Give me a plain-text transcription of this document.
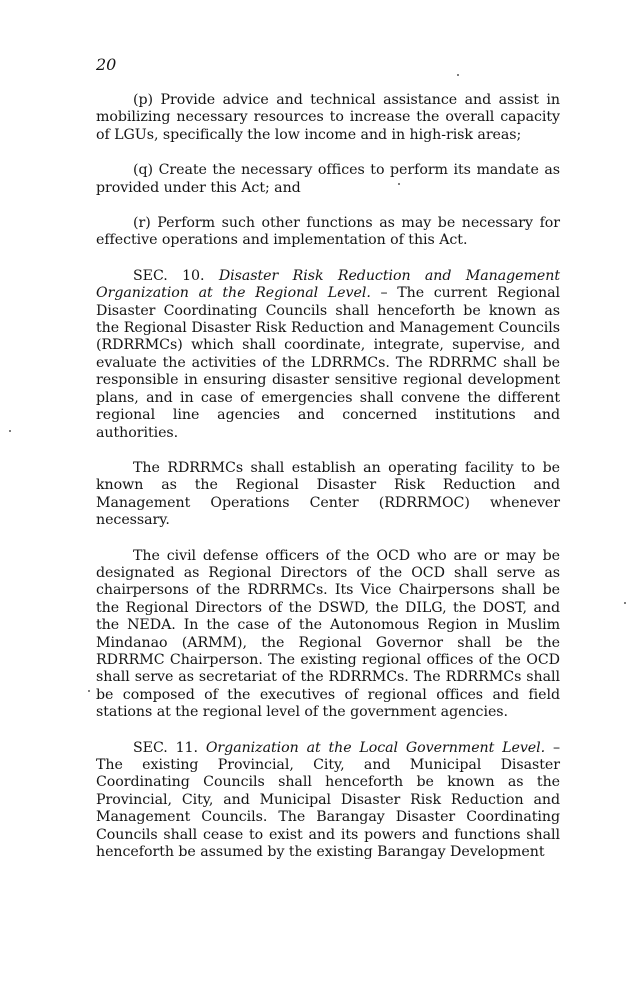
20

(p) Provide advice and technical assistance and assist in mobilizing necessary resources to increase the overall capacity of LGUs, specifically the low income and in high-risk areas;

(q) Create the necessary offices to perform its mandate as provided under this Act; and

(r) Perform such other functions as may be necessary for effective operations and implementation of this Act.

SEC. 10. Disaster Risk Reduction and Management Organization at the Regional Level. – The current Regional Disaster Coordinating Councils shall henceforth be known as the Regional Disaster Risk Reduction and Management Councils (RDRRMCs) which shall coordinate, integrate, supervise, and evaluate the activities of the LDRRMCs. The RDRRMC shall be responsible in ensuring disaster sensitive regional development plans, and in case of emergencies shall convene the different regional line agencies and concerned institutions and authorities.

The RDRRMCs shall establish an operating facility to be known as the Regional Disaster Risk Reduction and Management Operations Center (RDRRMOC) whenever necessary.

The civil defense officers of the OCD who are or may be designated as Regional Directors of the OCD shall serve as chairpersons of the RDRRMCs. Its Vice Chairpersons shall be the Regional Directors of the DSWD, the DILG, the DOST, and the NEDA. In the case of the Autonomous Region in Muslim Mindanao (ARMM), the Regional Governor shall be the RDRRMC Chairperson. The existing regional offices of the OCD shall serve as secretariat of the RDRRMCs. The RDRRMCs shall be composed of the executives of regional offices and field stations at the regional level of the government agencies.

SEC. 11. Organization at the Local Government Level. – The existing Provincial, City, and Municipal Disaster Coordinating Councils shall henceforth be known as the Provincial, City, and Municipal Disaster Risk Reduction and Management Councils. The Barangay Disaster Coordinating Councils shall cease to exist and its powers and functions shall henceforth be assumed by the existing Barangay Development
